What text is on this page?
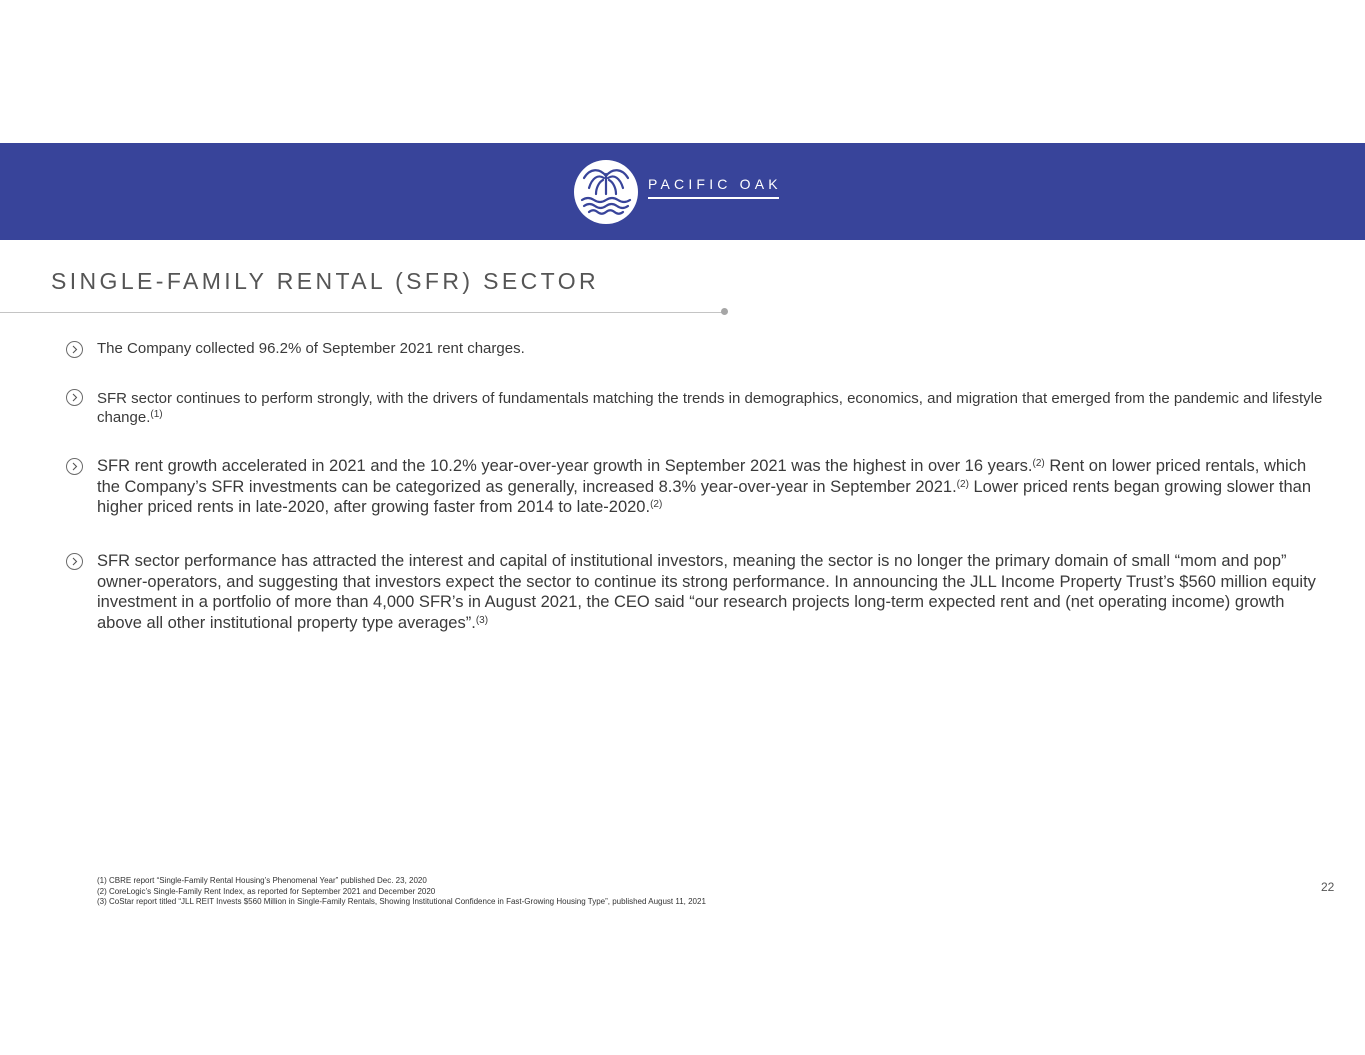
PACIFIC OAK
SINGLE-FAMILY RENTAL (SFR) SECTOR
The Company collected 96.2% of September 2021 rent charges.
SFR sector continues to perform strongly, with the drivers of fundamentals matching the trends in demographics, economics, and migration that emerged from the pandemic and lifestyle change.$^{(1)}$
SFR rent growth accelerated in 2021 and the 10.2% year-over-year growth in September 2021 was the highest in over 16 years.$^{(2)}$ Rent on lower priced rentals, which the Company’s SFR investments can be categorized as generally, increased 8.3% year-over-year in September 2021.$^{(2)}$ Lower priced rents began growing slower than higher priced rents in late-2020, after growing faster from 2014 to late-2020.$^{(2)}$
SFR sector performance has attracted the interest and capital of institutional investors, meaning the sector is no longer the primary domain of small “mom and pop” owner-operators, and suggesting that investors expect the sector to continue its strong performance. In announcing the JLL Income Property Trust’s $560 million equity investment in a portfolio of more than 4,000 SFR’s in August 2021, the CEO said “our research projects long-term expected rent and (net operating income) growth above all other institutional property type averages”.$^{(3)}$
(1) CBRE report “Single-Family Rental Housing’s Phenomenal Year” published Dec. 23, 2020
(2) CoreLogic’s Single-Family Rent Index, as reported for September 2021 and December 2020
(3) CoStar report titled “JLL REIT Invests $560 Million in Single-Family Rentals, Showing Institutional Confidence in Fast-Growing Housing Type”, published August 11, 2021
22
